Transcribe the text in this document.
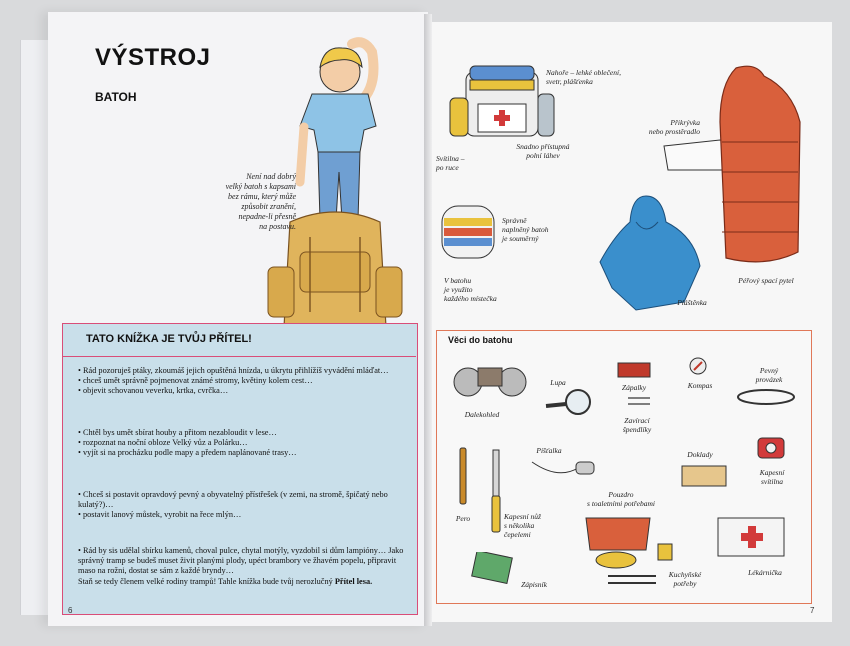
VÝSTROJ
BATOH
Není nad dobrý
velký batoh s kapsami
bez rámu, který může
způsobit zranění,
nepadne-li přesně
na postavu.
TATO KNÍŽKA JE TVŮJ PŘÍTEL!

• Rád pozoruješ ptáky, zkoumáš jejich opuštěná hnízda, u úkrytu přihlížíš vyvádění mláďat…

• chceš umět správně pojmenovat známé stromy, květiny kolem cest…

• objevit schovanou veverku, krtka, cvrčka…

• Chtěl bys umět sbírat houby a přitom nezabloudit v lese…

• rozpoznat na noční obloze Velký vůz a Polárku…

• vyjít si na procházku podle mapy a předem naplánované trasy…

• Chceš si postavit opravdový pevný a obyvatelný přístřešek (v zemi, na stromě, špičatý nebo kulatý?)…

• postavit lanový můstek, vyrobit na řece mlýn…

• Rád by sis udělal sbírku kamenů, choval pulce, chytal motýly, vyzdobil si dům lampióny… Jako správný tramp se budeš muset živit planými plody, upéct brambory ve žhavém popelu, připravit maso na rožni, dostat se sám z každé bryndy…

Staň se tedy členem velké rodiny trampů! Tahle knížka bude tvůj nerozlučný Přítel lesa.

6
Nahoře – lehké oblečení,
svetr, plášťenka
Snadno přístupná
polní láhev
Svítilna –
po ruce
Správně
naplněný batoh
je souměrný
V batohu
je využito
každého místečka	Pláštěnka
Přikrývka
nebo prostěradlo
Péřový spací pytel
Věci do batohu
Dalekohled
Lupa
Zápalky	Kompas
Pevný
provázek
Pero	Kapesní nůž
s několika
čepelemi
Píšťalka
Zavírací
špendlíky
Doklady
Kapesní
svítilna
Pouzdro
s toaletními potřebami
Zápisník
Kuchyňské
potřeby
Lékárnička
7
